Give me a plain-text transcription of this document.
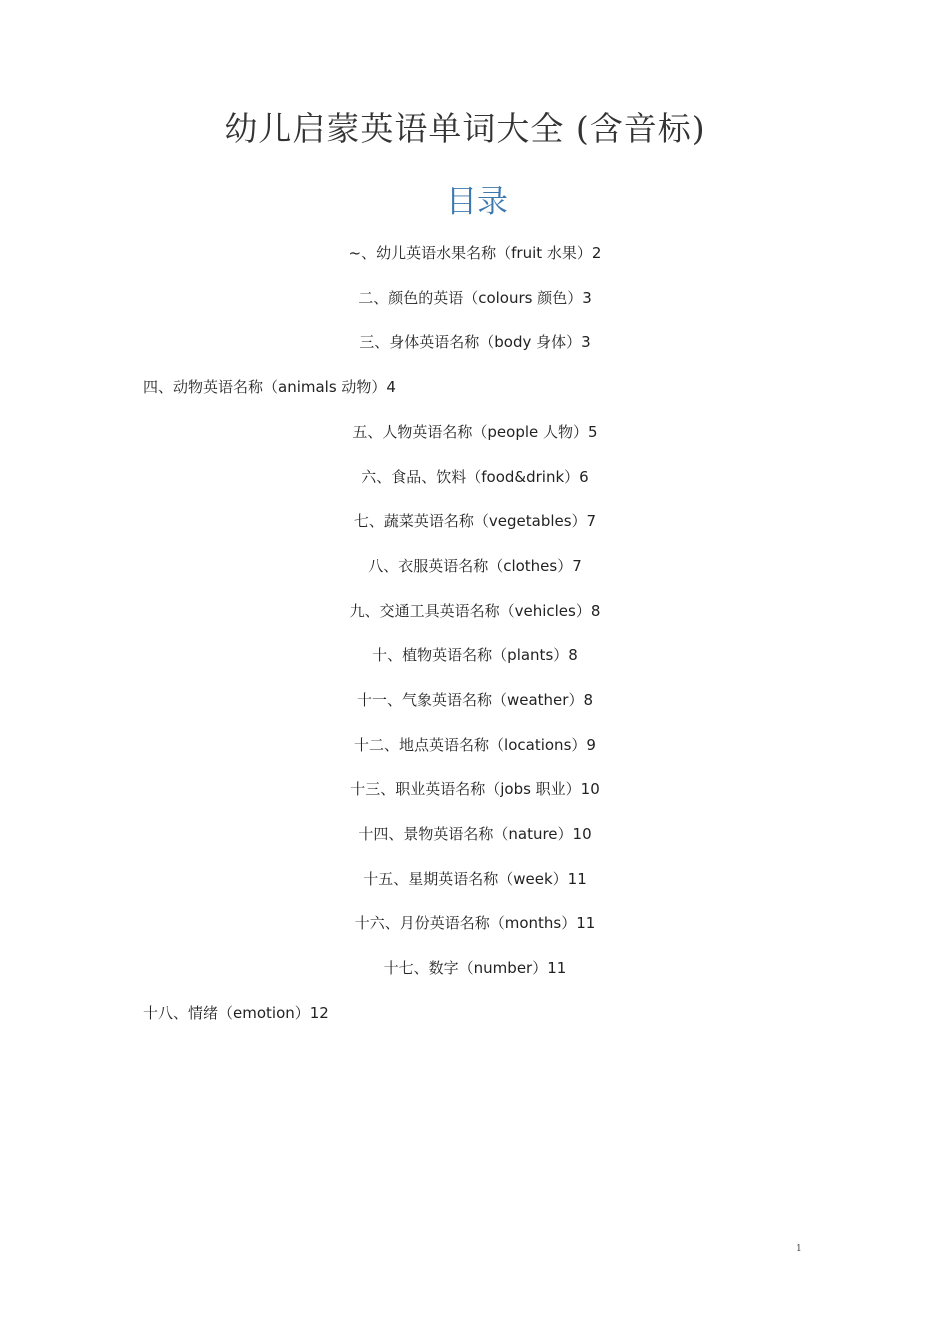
幼儿启蒙英语单词大全 (含音标)
目录
~、幼儿英语水果名称（fruit 水果）2
二、颜色的英语（colours 颜色）3
三、身体英语名称（body 身体）3
四、动物英语名称（animals 动物）4
五、人物英语名称（people 人物）5
六、食品、饮料（food&drink）6
七、蔬菜英语名称（vegetables）7
八、衣服英语名称（clothes）7
九、交通工具英语名称（vehicles）8
十、植物英语名称（plants）8
十一、气象英语名称（weather）8
十二、地点英语名称（locations）9
十三、职业英语名称（jobs 职业）10
十四、景物英语名称（nature）10
十五、星期英语名称（week）11
十六、月份英语名称（months）11
十七、数字（number）11
十八、情绪（emotion）12
1
